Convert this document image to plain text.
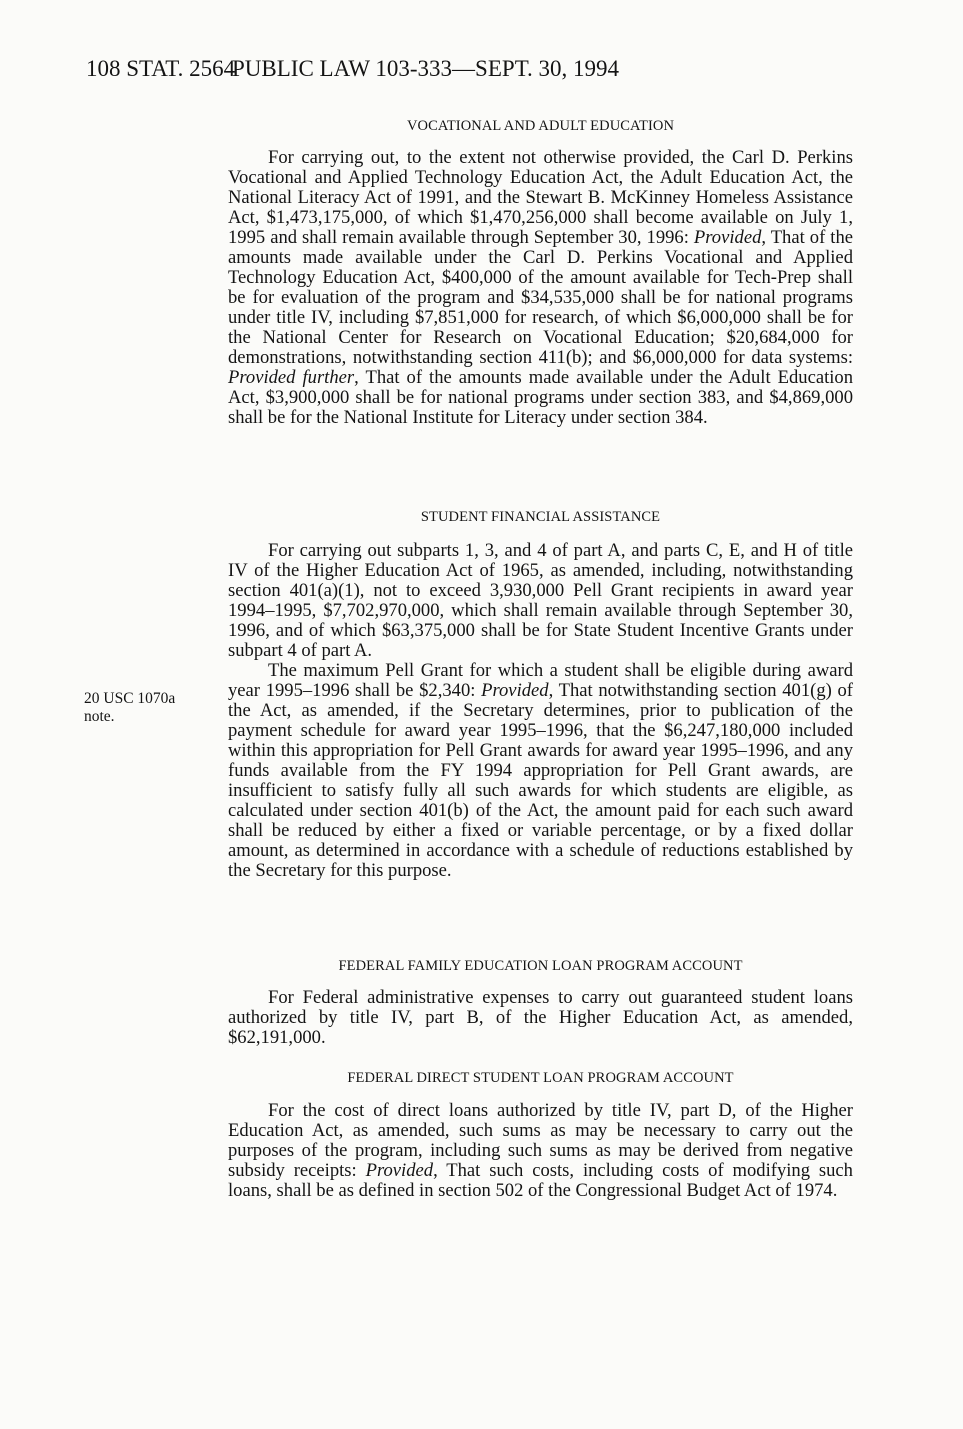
108 STAT. 2564
PUBLIC LAW 103-333—SEPT. 30, 1994
VOCATIONAL AND ADULT EDUCATION

For carrying out, to the extent not otherwise provided, the Carl D. Perkins Vocational and Applied Technology Education Act, the Adult Education Act, the National Literacy Act of 1991, and the Stewart B. McKinney Homeless Assistance Act, $1,473,175,000, of which $1,470,256,000 shall become available on July 1, 1995 and shall remain available through September 30, 1996: Provided, That of the amounts made available under the Carl D. Perkins Vocational and Applied Technology Education Act, $400,000 of the amount available for Tech-Prep shall be for evaluation of the program and $34,535,000 shall be for national programs under title IV, including $7,851,000 for research, of which $6,000,000 shall be for the National Center for Research on Vocational Education; $20,684,000 for demonstrations, notwithstanding section 411(b); and $6,000,000 for data systems: Provided further, That of the amounts made available under the Adult Education Act, $3,900,000 shall be for national programs under section 383, and $4,869,000 shall be for the National Institute for Literacy under section 384.

STUDENT FINANCIAL ASSISTANCE

For carrying out subparts 1, 3, and 4 of part A, and parts C, E, and H of title IV of the Higher Education Act of 1965, as amended, including, notwithstanding section 401(a)(1), not to exceed 3,930,000 Pell Grant recipients in award year 1994–1995, $7,702,970,000, which shall remain available through September 30, 1996, and of which $63,375,000 shall be for State Student Incentive Grants under subpart 4 of part A.

The maximum Pell Grant for which a student shall be eligible during award year 1995–1996 shall be $2,340: Provided, That notwithstanding section 401(g) of the Act, as amended, if the Secretary determines, prior to publication of the payment schedule for award year 1995–1996, that the $6,247,180,000 included within this appropriation for Pell Grant awards for award year 1995–1996, and any funds available from the FY 1994 appropriation for Pell Grant awards, are insufficient to satisfy fully all such awards for which students are eligible, as calculated under section 401(b) of the Act, the amount paid for each such award shall be reduced by either a fixed or variable percentage, or by a fixed dollar amount, as determined in accordance with a schedule of reductions established by the Secretary for this purpose.

20 USC 1070a
note.
FEDERAL FAMILY EDUCATION LOAN PROGRAM ACCOUNT

For Federal administrative expenses to carry out guaranteed student loans authorized by title IV, part B, of the Higher Education Act, as amended, $62,191,000.

FEDERAL DIRECT STUDENT LOAN PROGRAM ACCOUNT

For the cost of direct loans authorized by title IV, part D, of the Higher Education Act, as amended, such sums as may be necessary to carry out the purposes of the program, including such sums as may be derived from negative subsidy receipts: Provided, That such costs, including costs of modifying such loans, shall be as defined in section 502 of the Congressional Budget Act of 1974.
